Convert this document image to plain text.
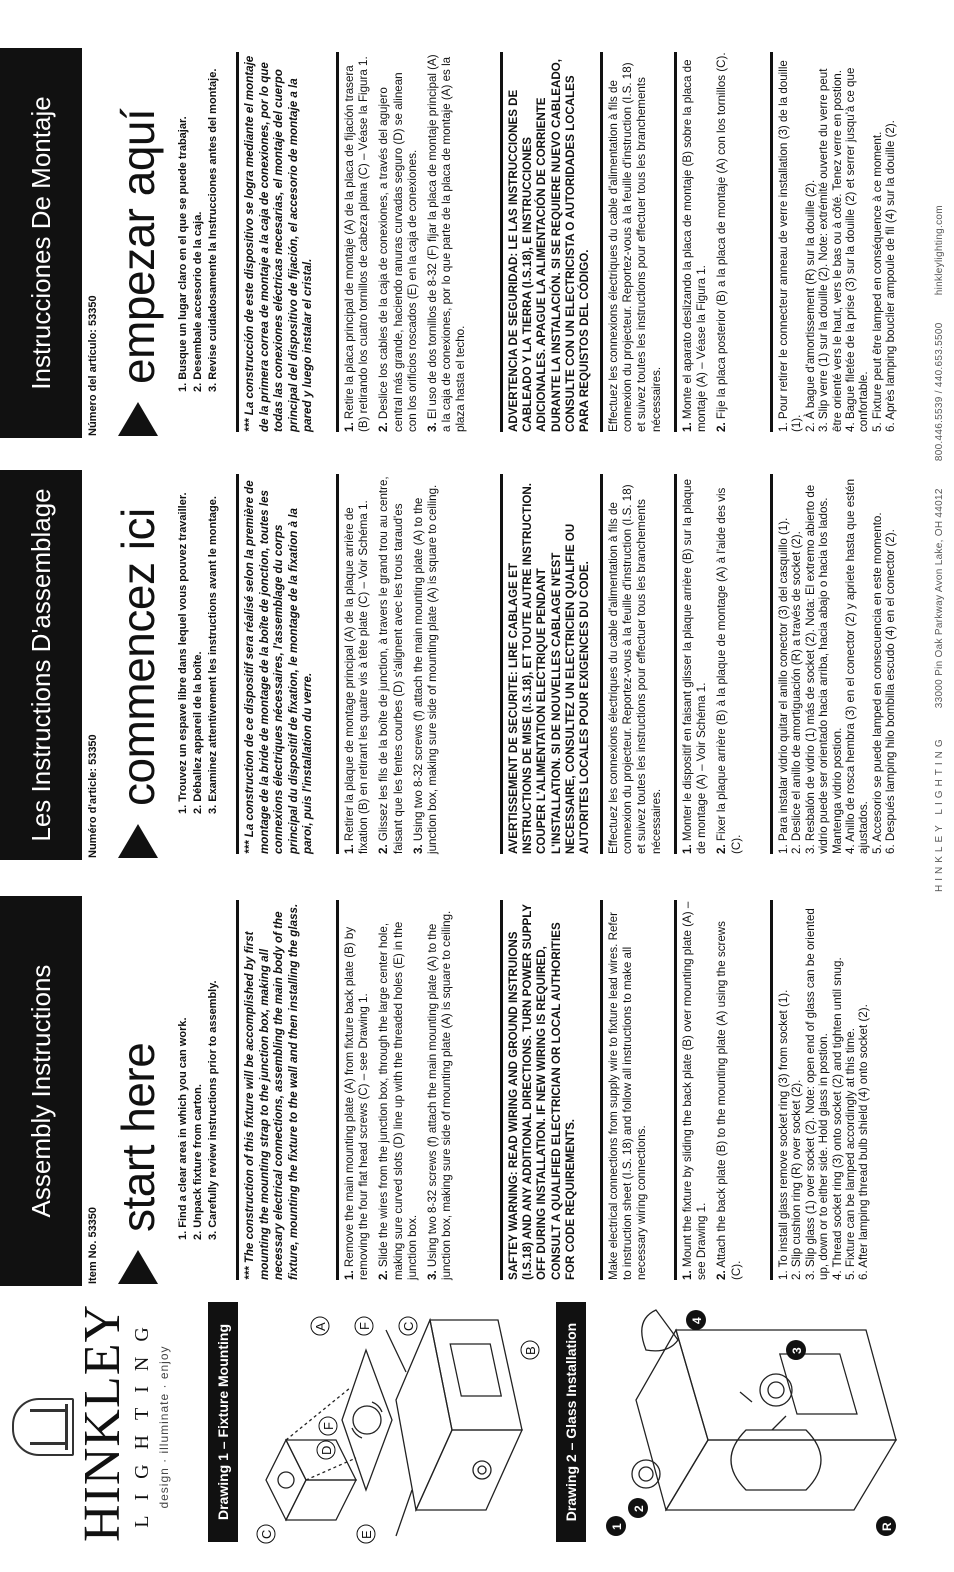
HINKLEY LIGHTING design · illuminate · enjoy	Drawing 1 – Fixture Mounting
C
D
F
E
A F C
B	Drawing 2 – Glass Installation
1	R
2
3
4
Assembly Instructions
Item No. 53350
start here 1. Find a clear area in which you can work. 2. Unpack fixture from carton. 3. Carefully review instructions prior to assembly. *** The construction of this fixture will be accomplished by first mounting the mounting strap to the junction box, making all necessary electrical connections, assembling the main body of the fixture, mounting the fixture to the wall and then installing the glass.	1. Remove the main mounting plate (A) from fixture back plate (B) by removing the four flat head screws (C) – see Drawing 1. 2. Slide the wires from the junction box, through the large center hole, making sure curved slots (D) line up with the threaded holes (E) in the junction box. 3. Using two 8-32 screws (f) attach the main mounting plate (A) to the junction box, making sure side of mounting plate (A) is square to ceiling.	SAFTEY WARNING: READ WIRING AND GROUND INSTRUIONS (I.S.18) AND ANY ADDITIONAL DIRECTIONS. TURN POWER SUPPLY OFF DURING INSTALLATION. IF NEW WIRING IS REQUIRED, CONSULT A QUALIFIED ELECTRICIAN OR LOCAL AUTHORITIES FOR CODE REQUIREMENTS.	Make electrical connections from supply wire to fixture lead wires. Refer to instruction sheet (I.S. 18) and follow all instructions to make all necessary wiring connections.	1. Mount the fixture by sliding the back plate (B) over mounting plate (A) – see Drawing 1. 2. Attach the back plate (B) to the mounting plate (A) using the screws (C).	1. To install glass remove socket ring (3) from socket (1). 2. Slip cushion ring (R) over socket (2). 3. Slip glass (1) over socket (2). Note: open end of glass can be oriented up, down or to either side. Hold glass in postion. 4. Thread socket ring (3) onto socket (2) and tighten until snug. 5. Fixture can be lamped accordingly at this time. 6. After lamping thread bulb shield (4) onto socket (2).
Les Instructions D'assemblage	Numéro d'article: 53350 commencez ici 1. Trouvez un espave libre dans lequel vous pouvez travailler. 2. Déballez appareil de la boîte. 3. Examinez attentivement les instructions avant le montage. *** La construction de ce dispositif sera réalisé selon la première de montage de la bride de montage de la boîte de jonction, toutes les connexions électriques nécessaires, l'assemblage du corps principal du dispositif de fixation, le montage de la fixation à la paroi, puis l'installation du verre.	1. Retirer la plaque de montage principal (A) de la plaque arrière de fixation (B) en retirant les quatre vis à tête plate (C) – Voir Schéma 1. 2. Glissez les fils de la boîte de junction, à travers le grand trou au centre, faisant que les fentes courbes (D) s'alignent avec les trous taraud'es 3. Using two 8-32 screws (f) attach the main mounting plate (A) to the junction box, making sure side of mounting plate (A) is square to ceiling.	AVERTISSEMENT DE SECURITE: LIRE CABLAGE ET INSTRUCTIONS DE MISE (I.S.18), ET TOUTE AUTRE INSTRUCTION. COUPER L'ALIMENTATION ELECTRIQUE PENDANT L'INSTALLATION. SI DE NOUVELLES CABLAGE N'EST NECESSAIRE, CONSULTEZ UN ELECTRICIEN QUALIFIE OU AUTORITES LOCALES POUR EXIGENCES DU CODE. Effectuez les connexions électriques du cable d'alimentation à fils de connexion du projecteur. Reportez-vous à la feuille d'instruction (I.S. 18) et suivez toutes les instructions pour effectuer tous les branchements nécessaires. 1. Monter le dispositif en faisant glisser la plaque arrière (B) sur la plaque de montage (A) – Voir Schéma 1. 2. Fixer la plaque arrière (B) à la plaque de montage (A) à l'aide des vis (C).	1. Para instalar vidrio quitar el anillo conector (3) del casquillo (1). 2. Deslice el anillo de amortiguación (R) a través de socket (2). 3. Resbalón de vidrio (1) más de socket (2). Nota: El extremo abierto de vidrio puede ser orientado hacia arriba, hacia abajo o hacia los lados. Mantenga vidrio postion. 4. Anillo de rosca hembra (3) en el conector (2) y apriete hasta que estén ajustados. 5. Accesorio se puede lamped en consecuencia en este momento. 6. Después lamping hilo bombilla escudo (4) en el conector (2).
Instrucciones De Montaje	Número del artículo: 53350 empezar aquí 1. Busque un lugar claro en el que se puede trabajar. 2. Desembale accesorio de la caja. 3. Revise cuidadosamente la Instrucciones antes del montaje. *** La construcción de este dispositivo se logra mediante el montaje de la primera correa de montaje a la caja de conexiones, por lo que todas las conexiones eléctricas necesarias, el montaje del cuerpo principal del dispositivo de fijación, el accesorio de montaje a la pared y luego instalar el cristal.	1. Retire la placa principal de montaje (A) de la placa de fijación trasera (B) retirando los cuatro tornillos de cabeza plana (C) – Véase la Figura 1. 2. Deslice los cables de la caja de conexiones, a través del agujero central más grande, haciendo ranuras curvadas seguro (D) se alinean con los orificios roscados (E) en la caja de conexiones. 3. El uso de dos tornillos de 8-32 (F) fijar la placa de montaje principal (A) a la caja de conexiones, por lo que parte de la placa de montaje (A) es la plaza hasta el techo.	ADVERTENCIA DE SEGURIDAD: LE LAS INSTRUCCIONES DE CABLEADO Y LA TIERRA (I.S.18), E INSTRUCCIONES ADICIONALES. APAGUE LA ALIMENTACIÓN DE CORRIENTE DURANTE LA INSTALACIÓN. SI SE REQUIERE NUEVO CABLEADO, CONSULTE CON UN ELECTRICISTA O AUTORIDADES LOCALES PARA REQUISTOS DEL CÓDIGO. Effectuez les connexions électriques du cable d'alimentation à fils de connexion du projecteur. Reportez-vous à la feuille d'instruction (I.S. 18) et suivez toutes les instructions pour effectuer tous les branchements nécessaires. 1. Monte el aparato deslizando la placa de montaje (B) sobre la placa de montaje (A) – Véase la Figura 1. 2. Fije la placa posterior (B) a la placa de montaje (A) con los tornillos (C).	1. Pour retirer le connecteur anneau de verre installation (3) de la douille (1). 2. À bague d'amortissement (R) sur la douille (2). 3. Slip verre (1) sur la douille (2). Note: extrémité ouverte du verre peut être orienté vers le haut, vers le bas ou à côté. Tenez verre en postion. 4. Bague filetée de la prise (3) sur la douille (2) et serrer jusqu'à ce que confortable. 5. Fixture peut être lamped en conséquence à ce moment. 6. Après lamping bouclier ampoule de fil (4) sur la douille (2).
HINKLEY LIGHTING 33000 Pin Oak Parkway Avon Lake, OH 44012 800.446.5539 / 440.653.5500 hinkleylighting.com
